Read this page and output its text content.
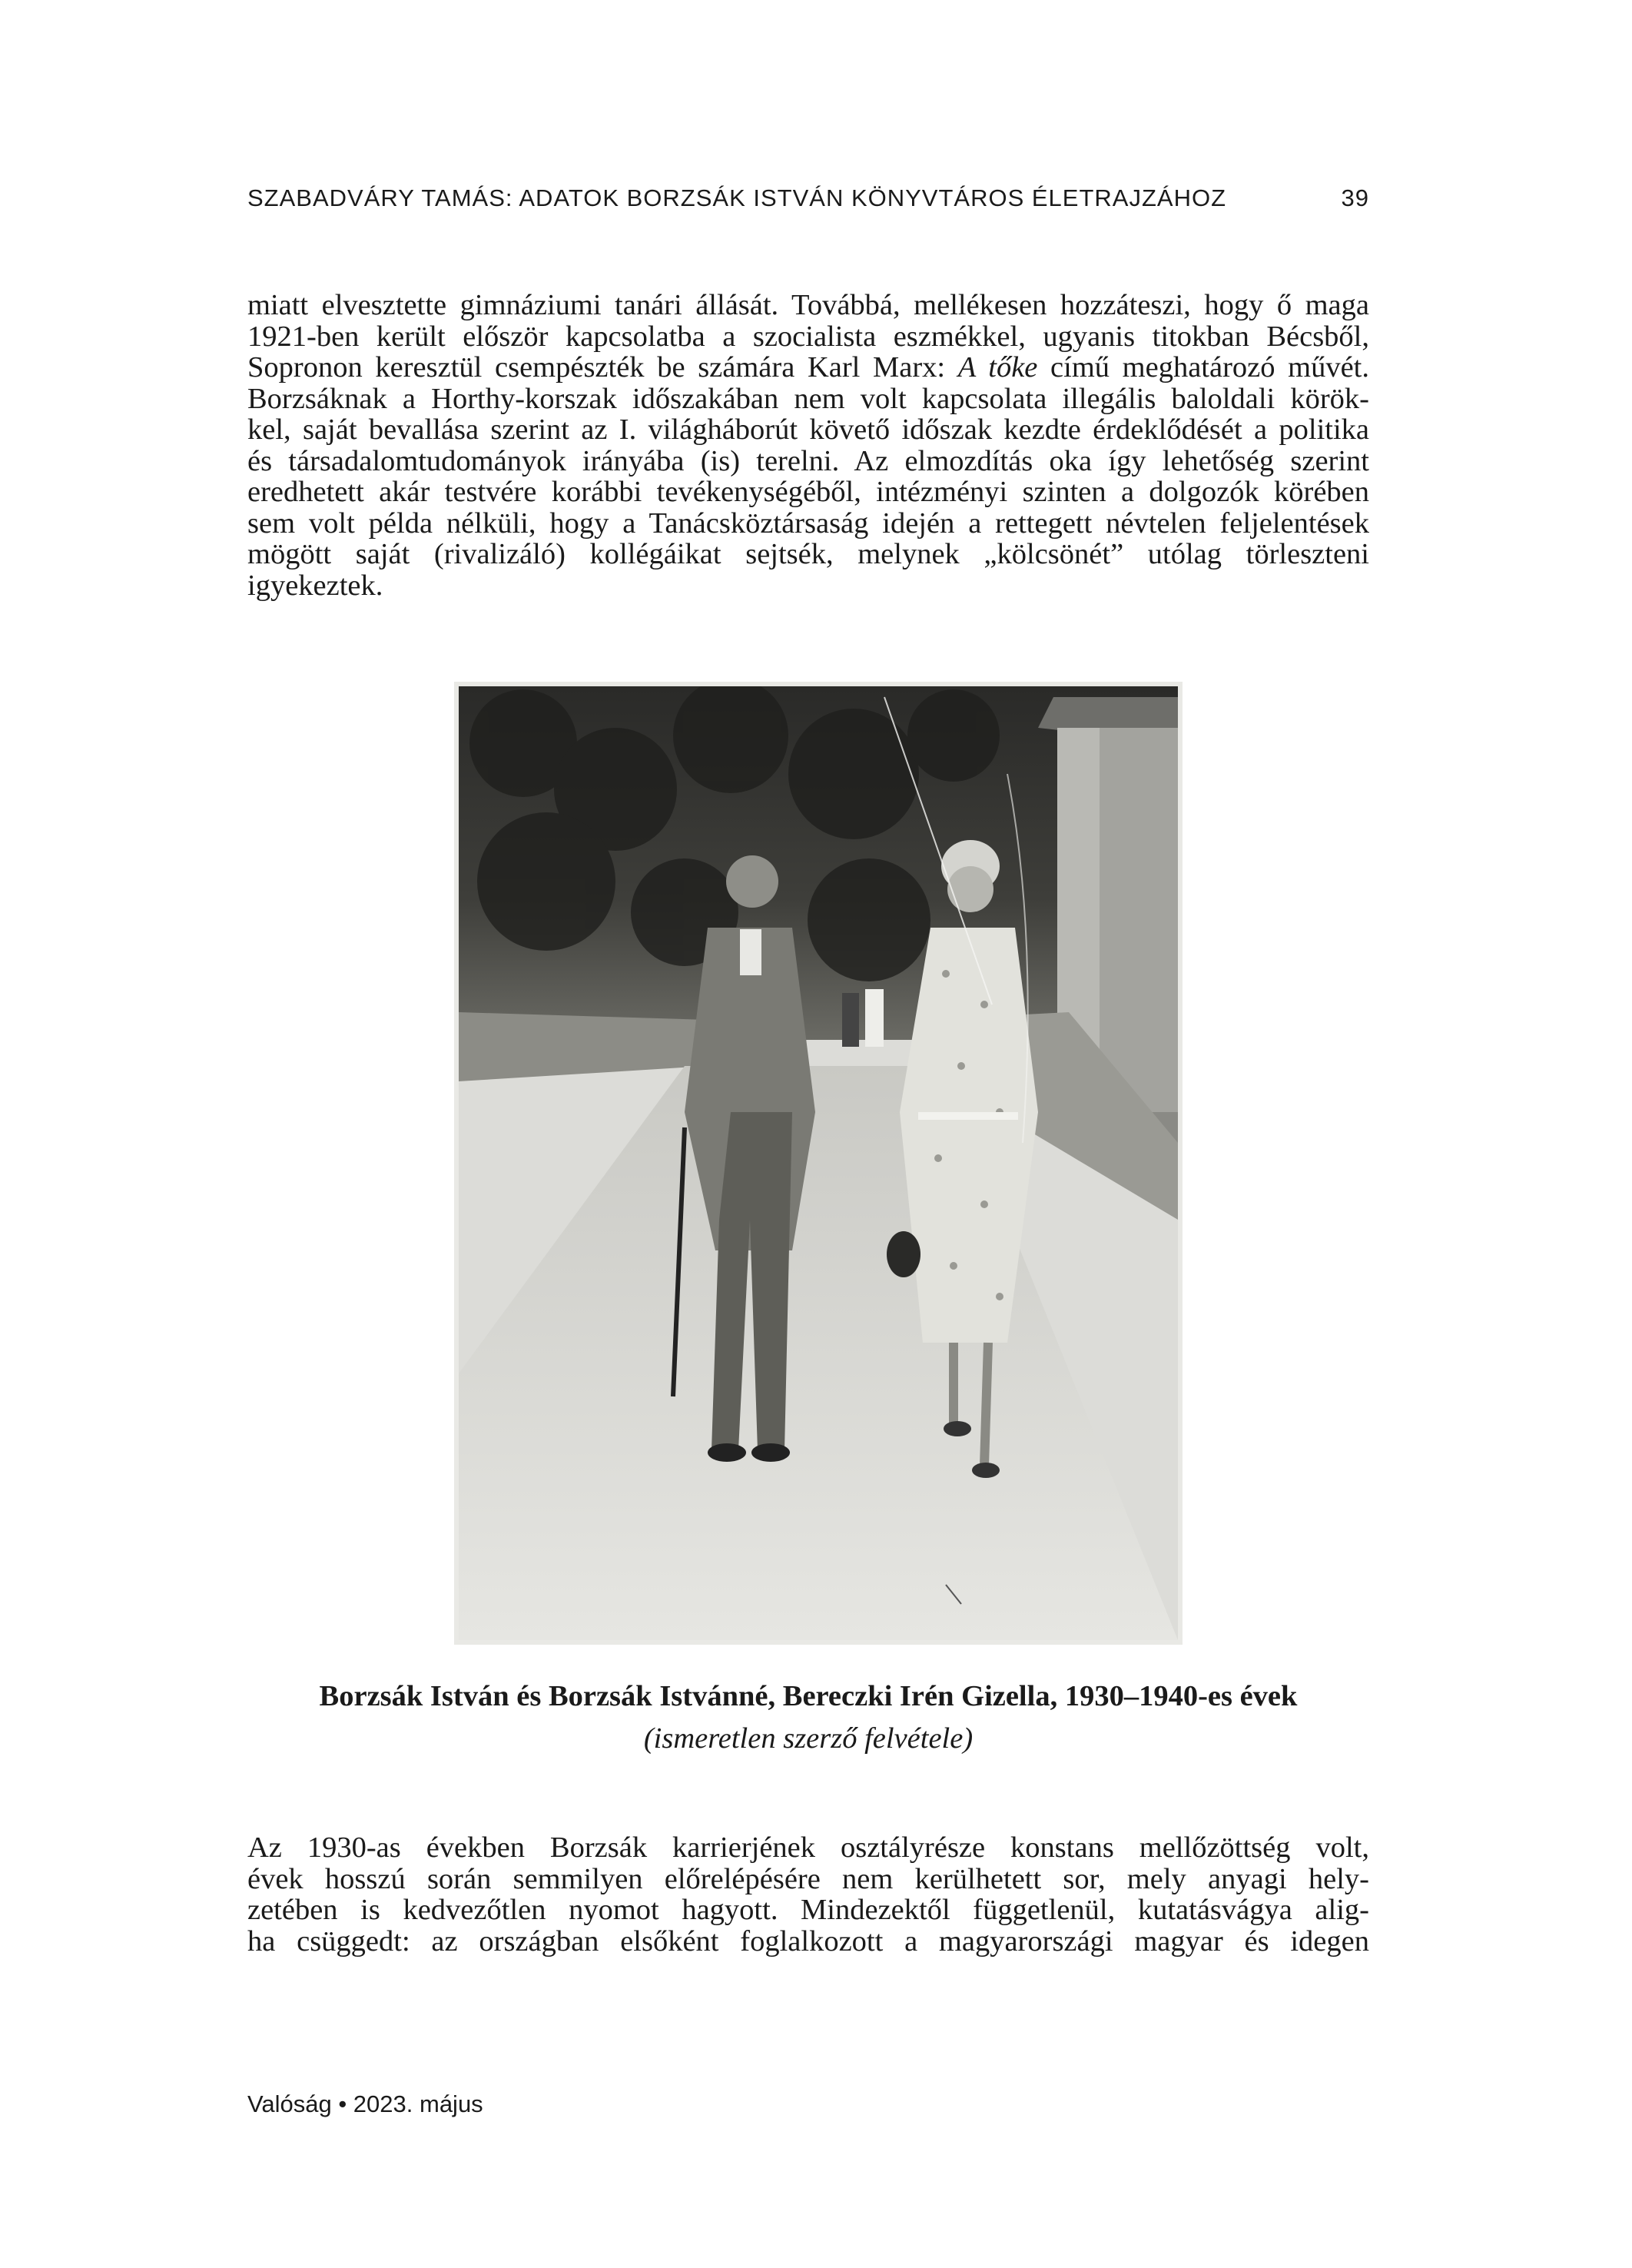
SZABADVÁRY TAMÁS: ADATOK BORZSÁK ISTVÁN KÖNYVTÁROS ÉLETRAJZÁHOZ	39
miatt elvesztette gimnáziumi tanári állását. Továbbá, mellékesen hozzáteszi, hogy ő maga
1921-ben került először kapcsolatba a szocialista eszmékkel, ugyanis titokban Bécsből,
Sopronon keresztül csempészték be számára Karl Marx: A tőke című meghatározó művét.
Borzsáknak a Horthy-korszak időszakában nem volt kapcsolata illegális baloldali körök-
kel, saját bevallása szerint az I. világháborút követő időszak kezdte érdeklődését a politika
és társadalomtudományok irányába (is) terelni. Az elmozdítás oka így lehetőség szerint
eredhetett akár testvére korábbi tevékenységéből, intézményi szinten a dolgozók körében
sem volt példa nélküli, hogy a Tanácsköztársaság idején a rettegett névtelen feljelentések
mögött saját (rivalizáló) kollégáikat sejtsék, melynek „kölcsönét” utólag törleszteni
igyekeztek.

Borzsák István és Borzsák Istvánné, Bereczki Irén Gizella, 1930–1940-es évek

(ismeretlen szerző felvétele)

Az 1930-as években Borzsák karrierjének osztályrésze konstans mellőzöttség volt,
évek hosszú során semmilyen előrelépésére nem kerülhetett sor, mely anyagi hely-
zetében is kedvezőtlen nyomot hagyott. Mindezektől függetlenül, kutatásvágya alig-
ha csüggedt: az országban elsőként foglalkozott a magyarországi magyar és idegen
Valóság • 2023. május
